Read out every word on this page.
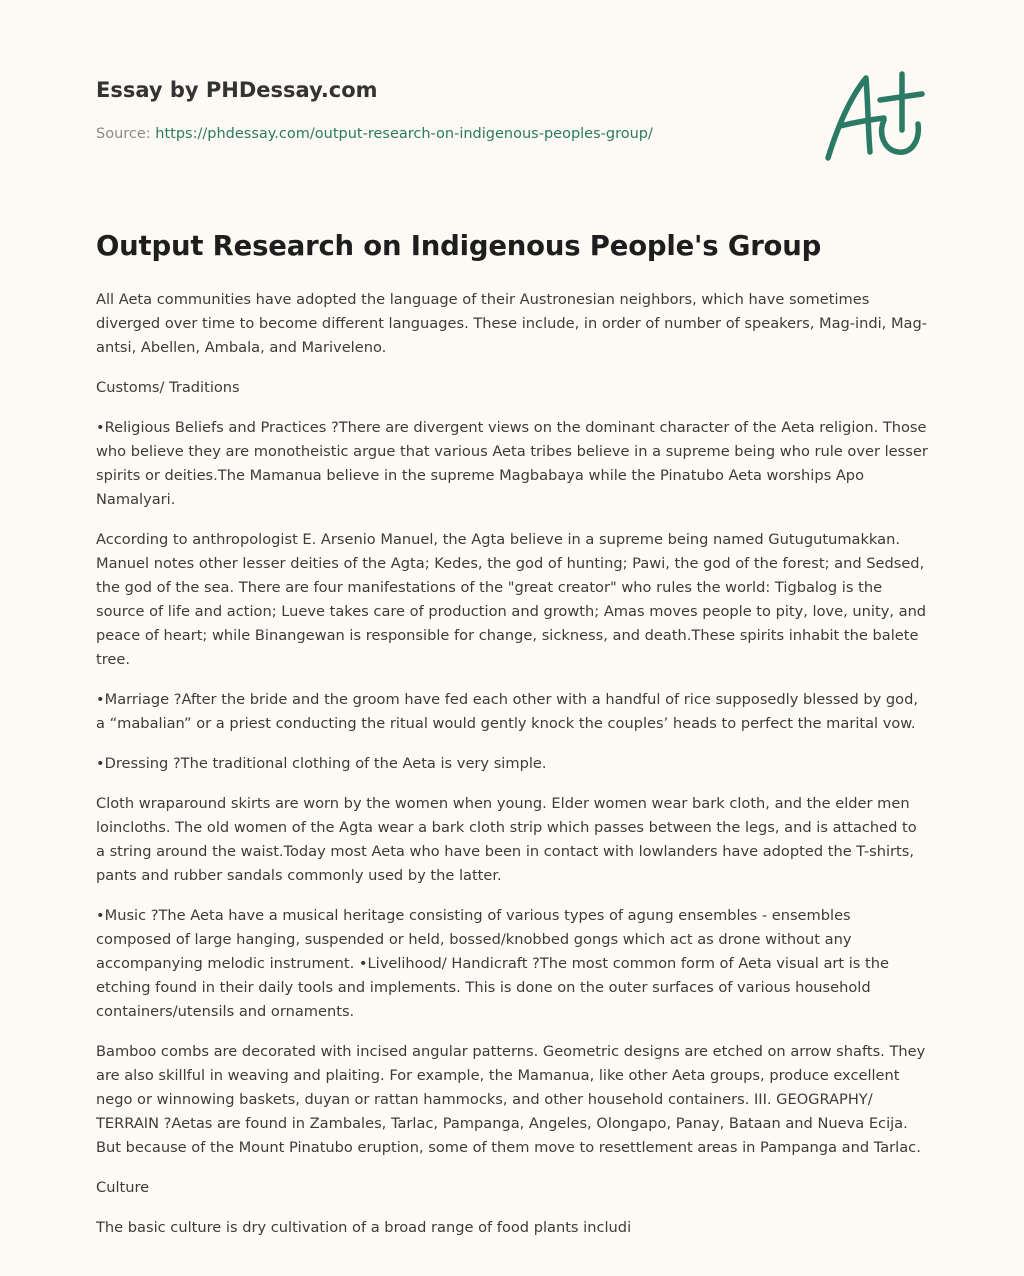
Essay by PHDessay.com
Source: https://phdessay.com/output-research-on-indigenous-peoples-group/
Output Research on Indigenous People's Group

All Aeta communities have adopted the language of their Austronesian neighbors, which have sometimes diverged over time to become different languages. These include, in order of number of speakers, Mag-indi, Mag-antsi, Abellen, Ambala, and Mariveleno.

Customs/ Traditions

•Religious Beliefs and Practices ?There are divergent views on the dominant character of the Aeta religion. Those who believe they are monotheistic argue that various Aeta tribes believe in a supreme being who rule over lesser spirits or deities.The Mamanua believe in the supreme Magbabaya while the Pinatubo Aeta worships Apo Namalyari.

According to anthropologist E. Arsenio Manuel, the Agta believe in a supreme being named Gutugutumakkan. Manuel notes other lesser deities of the Agta; Kedes, the god of hunting; Pawi, the god of the forest; and Sedsed, the god of the sea. There are four manifestations of the "great creator" who rules the world: Tigbalog is the source of life and action; Lueve takes care of production and growth; Amas moves people to pity, love, unity, and peace of heart; while Binangewan is responsible for change, sickness, and death.These spirits inhabit the balete tree.

•Marriage ?After the bride and the groom have fed each other with a handful of rice supposedly blessed by god, a “mabalian” or a priest conducting the ritual would gently knock the couples’ heads to perfect the marital vow.

•Dressing ?The traditional clothing of the Aeta is very simple.

Cloth wraparound skirts are worn by the women when young. Elder women wear bark cloth, and the elder men loincloths. The old women of the Agta wear a bark cloth strip which passes between the legs, and is attached to a string around the waist.Today most Aeta who have been in contact with lowlanders have adopted the T-shirts, pants and rubber sandals commonly used by the latter.

•Music ?The Aeta have a musical heritage consisting of various types of agung ensembles - ensembles composed of large hanging, suspended or held, bossed/knobbed gongs which act as drone without any accompanying melodic instrument. •Livelihood/ Handicraft ?The most common form of Aeta visual art is the etching found in their daily tools and implements. This is done on the outer surfaces of various household containers/utensils and ornaments.

Bamboo combs are decorated with incised angular patterns. Geometric designs are etched on arrow shafts. They are also skillful in weaving and plaiting. For example, the Mamanua, like other Aeta groups, produce excellent nego or winnowing baskets, duyan or rattan hammocks, and other household containers. III. GEOGRAPHY/ TERRAIN ?Aetas are found in Zambales, Tarlac, Pampanga, Angeles, Olongapo, Panay, Bataan and Nueva Ecija. But because of the Mount Pinatubo eruption, some of them move to resettlement areas in Pampanga and Tarlac.

Culture

The basic culture is dry cultivation of a broad range of food plants includi
